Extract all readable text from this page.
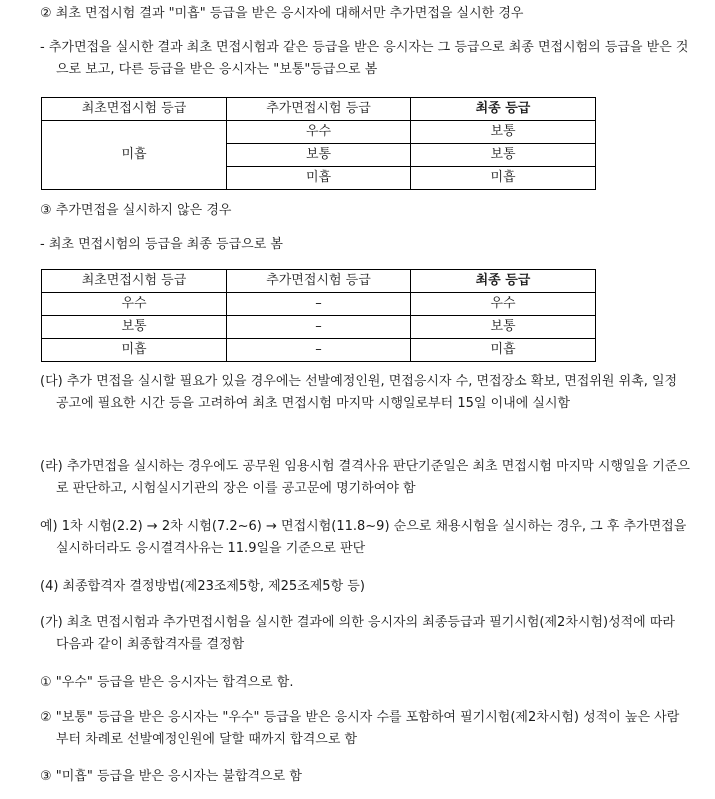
② 최초 면접시험 결과 "미흡" 등급을 받은 응시자에 대해서만 추가면접을 실시한 경우

- 추가면접을 실시한 결과 최초 면접시험과 같은 등급을 받은 응시자는 그 등급으로 최종 면접시험의 등급을 받은 것으로 보고, 다른 등급을 받은 응시자는 "보통"등급으로 봄

최초면접시험 등급	추가면접시험 등급	최종 등급
미흡	우수	보통
	보통	보통
	미흡	미흡

③ 추가면접을 실시하지 않은 경우

- 최초 면접시험의 등급을 최종 등급으로 봄

최초면접시험 등급	추가면접시험 등급	최종 등급
우수	–	우수
보통	–	보통
미흡	–	미흡

(다) 추가 면접을 실시할 필요가 있을 경우에는 선발예정인원, 면접응시자 수, 면접장소 확보, 면접위원 위촉, 일정 공고에 필요한 시간 등을 고려하여 최초 면접시험 마지막 시행일로부터 15일 이내에 실시함

(라) 추가면접을 실시하는 경우에도 공무원 임용시험 결격사유 판단기준일은 최초 면접시험 마지막 시행일을 기준으로 판단하고, 시험실시기관의 장은 이를 공고문에 명기하여야 함

예) 1차 시험(2.2) → 2차 시험(7.2~6) → 면접시험(11.8~9) 순으로 채용시험을 실시하는 경우, 그 후 추가면접을 실시하더라도 응시결격사유는 11.9일을 기준으로 판단

(4) 최종합격자 결정방법(제23조제5항, 제25조제5항 등)

(가) 최초 면접시험과 추가면접시험을 실시한 결과에 의한 응시자의 최종등급과 필기시험(제2차시험)성적에 따라 다음과 같이 최종합격자를 결정함

① "우수" 등급을 받은 응시자는 합격으로 함.

② "보통" 등급을 받은 응시자는 "우수" 등급을 받은 응시자 수를 포함하여 필기시험(제2차시험) 성적이 높은 사람부터 차례로 선발예정인원에 달할 때까지 합격으로 함

③ "미흡" 등급을 받은 응시자는 불합격으로 함
